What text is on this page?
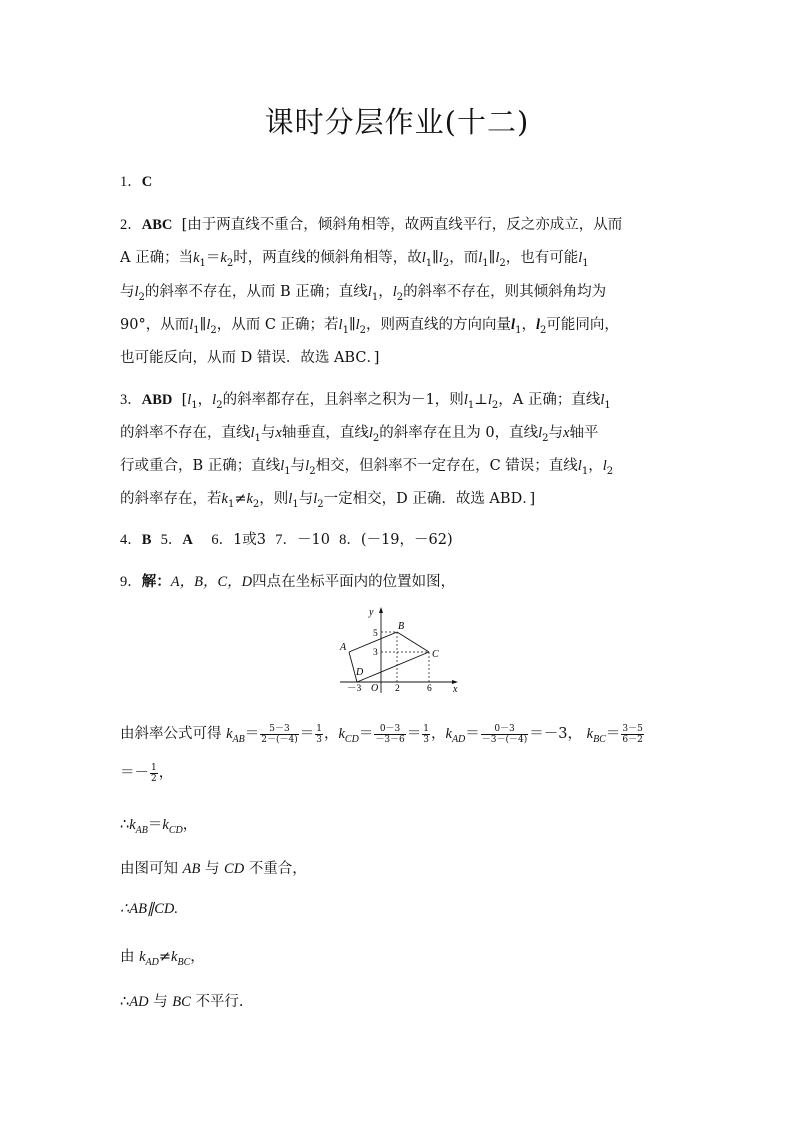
课时分层作业(十二)
1．C
2．ABC [由于两直线不重合，倾斜角相等，故两直线平行，反之亦成立，从而
A 正确；当$k_1=k_2$时，两直线的倾斜角相等，故$l_1\parallel l_2$，而$l_1\parallel l_2$，也有可能$l_1$
与$l_2$的斜率不存在，从而 B 正确；直线$l_1$，$l_2$的斜率不存在，则其倾斜角均为
90°，从而$l_1\parallel l_2$，从而 C 正确；若$l_1\parallel l_2$，则两直线的方向向量$l_1$，$l_2$可能同向，
也可能反向，从而 D 错误．故选 ABC．]
3．ABD [$l_1$，$l_2$的斜率都存在，且斜率之积为－1，则$l_1\perp l_2$，A 正确；直线$l_1$
的斜率不存在，直线$l_1$与x轴垂直，直线$l_2$的斜率存在且为 0，直线$l_2$与x轴平
行或重合，B 正确；直线$l_1$与$l_2$相交，但斜率不一定存在，C 错误；直线$l_1$，$l_2$
的斜率存在，若$k_1\ne k_2$，则$l_1$与$l_2$一定相交，D 正确．故选 ABD．]
4．B 5．A 6．1或3 7．－10 8．(－19，－62)
9．解：A，B，C，D四点在坐标平面内的位置如图，
y
x
O
A
B
C
D
－3	2	6
5
3
由斜率公式可得 $k_{AB}= \frac{5-3}{2-(-4)} = \frac{1}{3}$ ，$k_{CD}= \frac{0-3}{-3-6} = \frac{1}{3}$ ，$k_{AD}= \frac{0-3}{-3-(-4)} =-3$， $k_{BC}= \frac{3-5}{6-2}$
＝－ $\frac{1}{2}$ ，
$\therefore k_{AB}=k_{CD}$，
由图可知 AB 与 CD 不重合，
∴AB∥CD.
由 $k_{AD}\ne k_{BC}$，
∴AD 与 BC 不平行.
